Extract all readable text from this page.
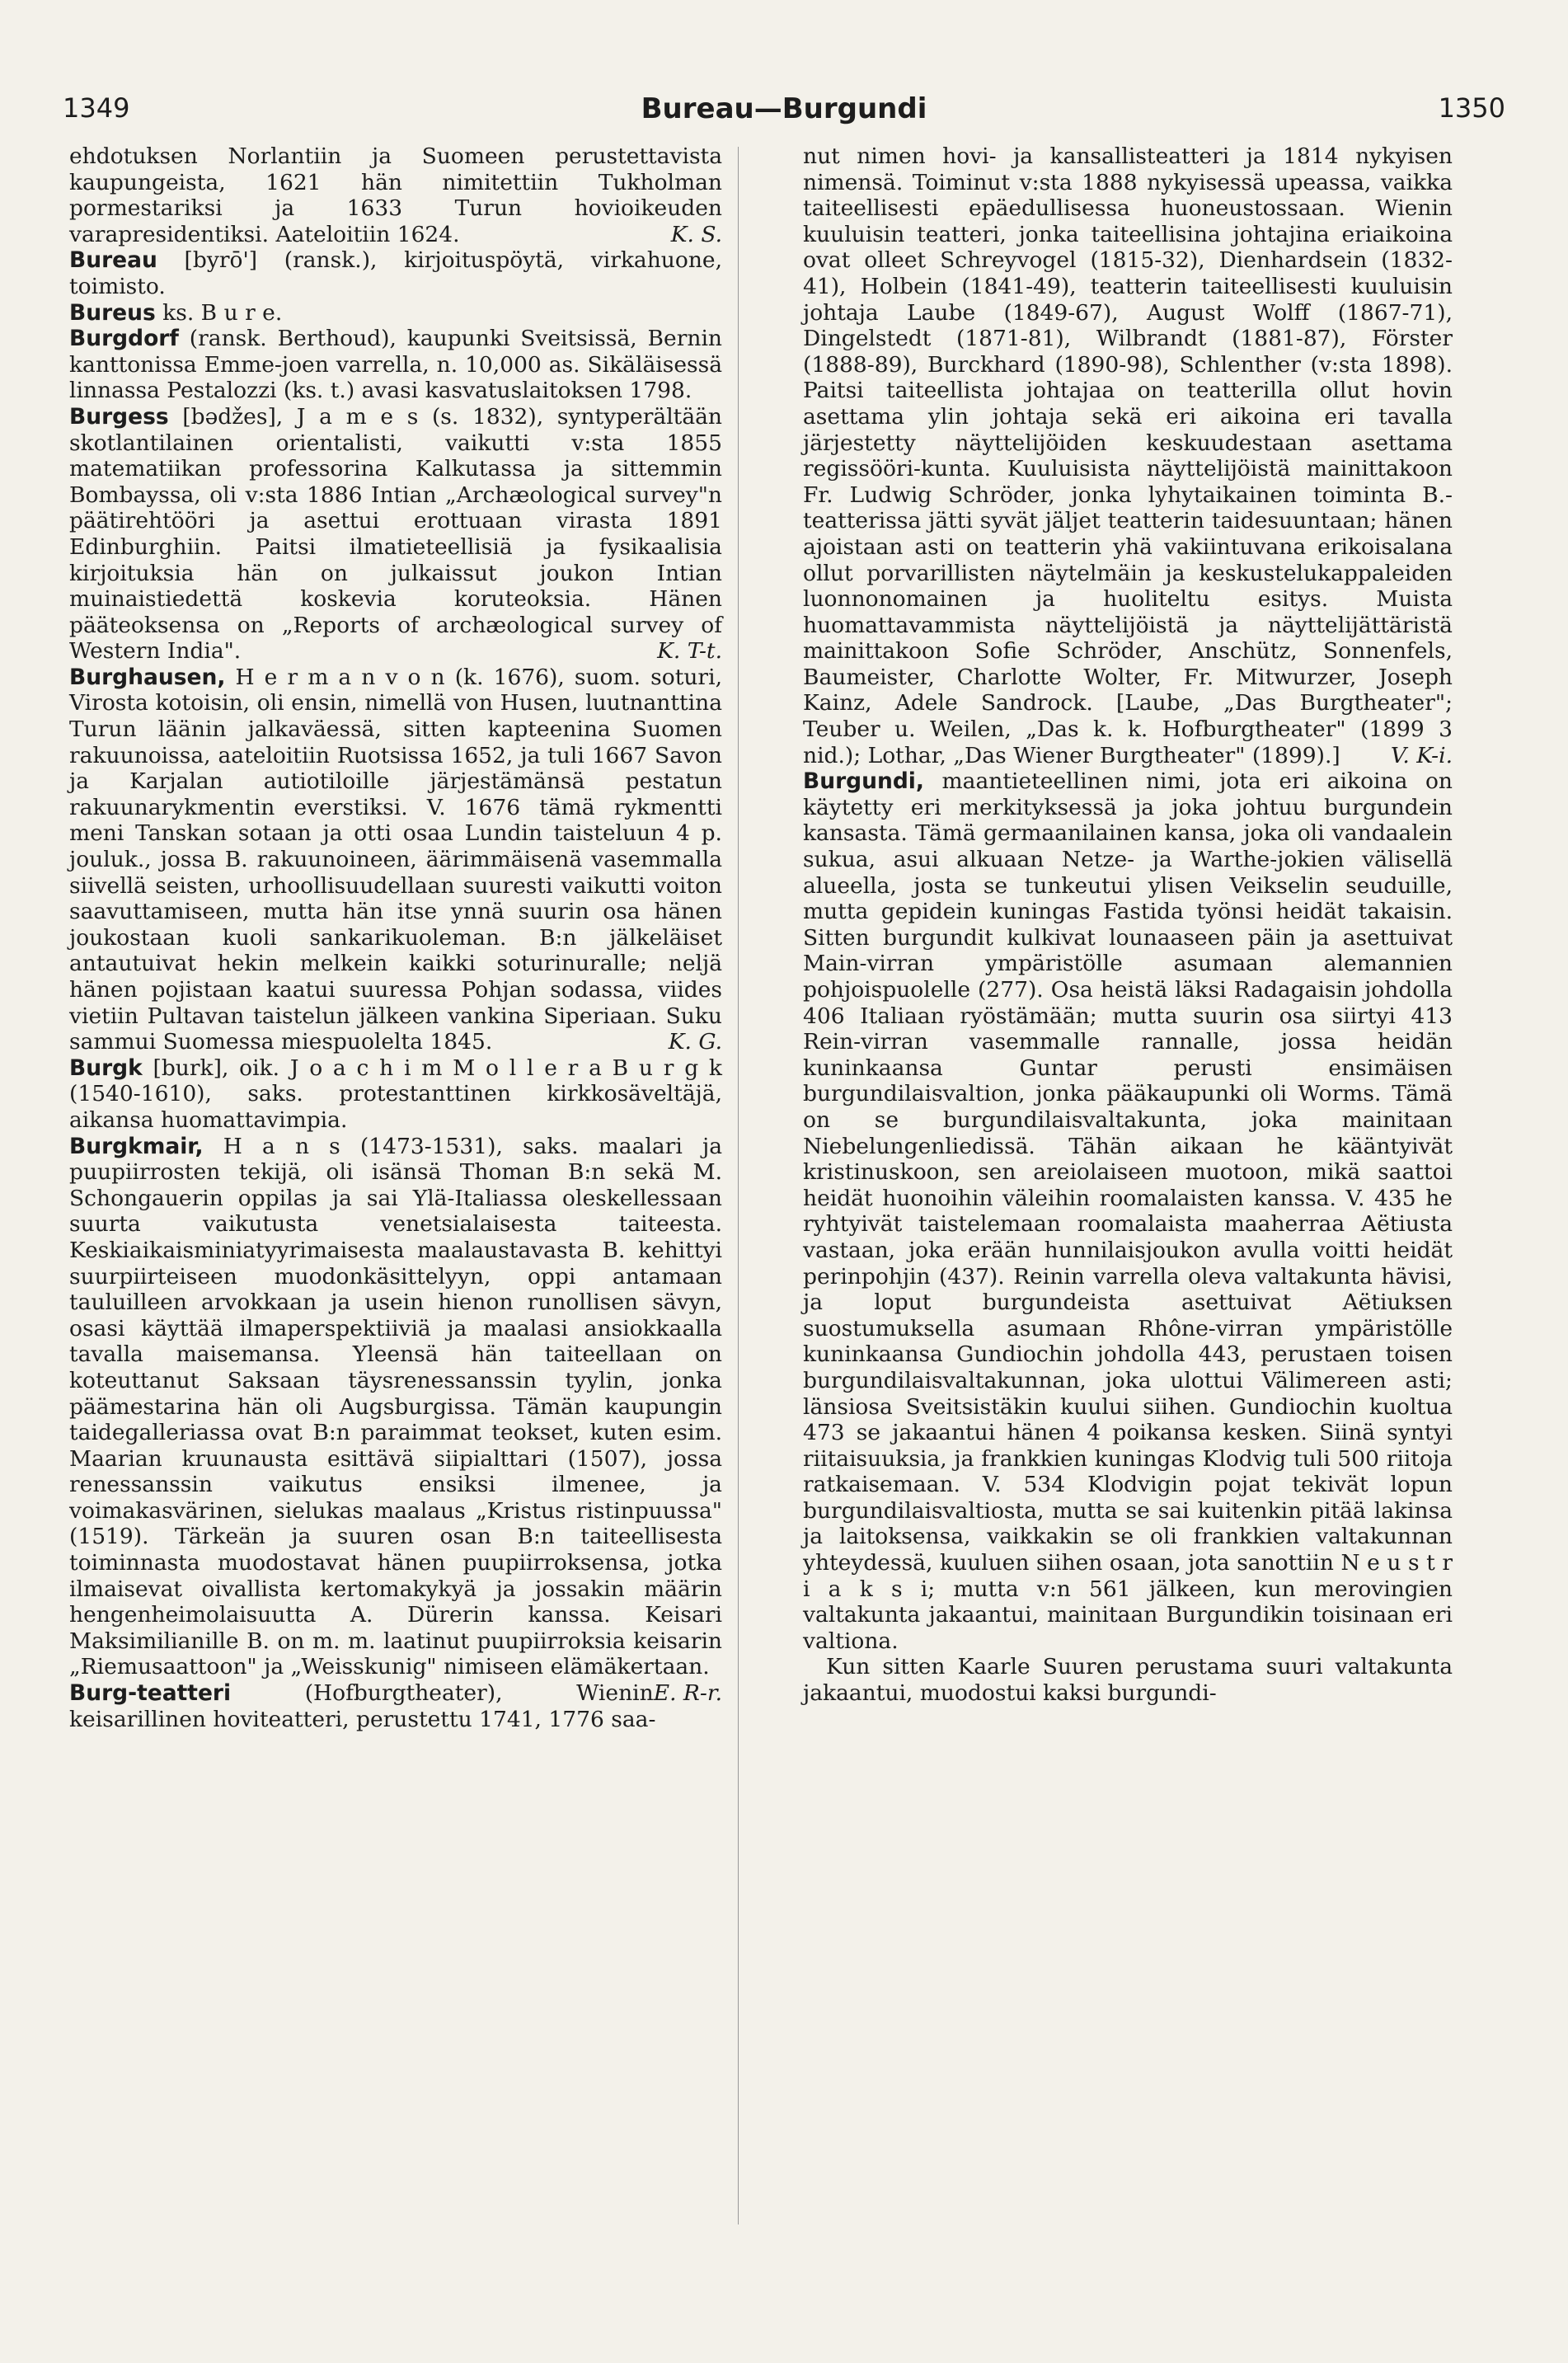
1349	Bureau—Burgundi	1350

ehdotuksen Norlantiin ja Suomeen perustettavista kaupungeista, 1621 hän nimitettiin Tukholman pormestariksi ja 1633 Turun hovioikeuden varapresidentiksi. Aateloitiin 1624.	K. S.

Bureau [byrō'] (ransk.), kirjoituspöytä, virkahuone, toimisto.

Bureus ks. B u r e.

Burgdorf (ransk. Berthoud), kaupunki Sveitsissä, Bernin kanttonissa Emme-joen varrella, n. 10,000 as. Sikäläisessä linnassa Pestalozzi (ks. t.) avasi kasvatuslaitoksen 1798.

Burgess [bədžes], J a m e s (s. 1832), syntyperältään skotlantilainen orientalisti, vaikutti v:sta 1855 matematiikan professorina Kalkutassa ja sittemmin Bombayssa, oli v:sta 1886 Intian „Archæological survey"n päätirehtööri ja asettui erottuaan virasta 1891 Edinburghiin. Paitsi ilmatieteellisiä ja fysikaalisia kirjoituksia hän on julkaissut joukon Intian muinaistiedettä koskevia koruteoksia. Hänen pääteoksensa on „Reports of archæological survey of Western India".	K. T-t.

Burghausen, H e r m a n v o n (k. 1676), suom. soturi, Virosta kotoisin, oli ensin, nimellä von Husen, luutnanttina Turun läänin jalkaväessä, sitten kapteenina Suomen rakuunoissa, aateloitiin Ruotsissa 1652, ja tuli 1667 Savon ja Karjalan autiotiloille järjestämänsä pestatun rakuunarykmentin everstiksi. V. 1676 tämä rykmentti meni Tanskan sotaan ja otti osaa Lundin taisteluun 4 p. jouluk., jossa B. rakuunoineen, äärimmäisenä vasemmalla siivellä seisten, urhoollisuudellaan suuresti vaikutti voiton saavuttamiseen, mutta hän itse ynnä suurin osa hänen joukostaan kuoli sankarikuoleman. B:n jälkeläiset antautuivat hekin melkein kaikki soturinuralle; neljä hänen pojistaan kaatui suuressa Pohjan sodassa, viides vietiin Pultavan taistelun jälkeen vankina Siperiaan. Suku sammui Suomessa miespuolelta 1845.	K. G.

Burgk [burk], oik. J o a c h i m M o l l e r a B u r g k (1540-1610), saks. protestanttinen kirkkosäveltäjä, aikansa huomattavimpia.

Burgkmair, H a n s (1473-1531), saks. maalari ja puupiirrosten tekijä, oli isänsä Thoman B:n sekä M. Schongauerin oppilas ja sai Ylä-Italiassa oleskellessaan suurta vaikutusta venetsialaisesta taiteesta. Keskiaikaisminiatyyrimaisesta maalaustavasta B. kehittyi suurpiirteiseen muodonkäsittelyyn, oppi antamaan tauluilleen arvokkaan ja usein hienon runollisen sävyn, osasi käyttää ilmaperspektiiviä ja maalasi ansiokkaalla tavalla maisemansa. Yleensä hän taiteellaan on koteuttanut Saksaan täysrenessanssin tyylin, jonka päämestarina hän oli Augsburgissa. Tämän kaupungin taidegalleriassa ovat B:n paraimmat teokset, kuten esim. Maarian kruunausta esittävä siipialttari (1507), jossa renessanssin vaikutus ensiksi ilmenee, ja voimakasvärinen, sielukas maalaus „Kristus ristinpuussa" (1519). Tärkeän ja suuren osan B:n taiteellisesta toiminnasta muodostavat hänen puupiirroksensa, jotka ilmaisevat oivallista kertomakykyä ja jossakin määrin hengenheimolaisuutta A. Dürerin kanssa. Keisari Maksimilianille B. on m. m. laatinut puupiirroksia keisarin „Riemusaattoon" ja „Weisskunig" nimiseen elämäkertaan.
E. R-r.

Burg-teatteri (Hofburgtheater), Wienin keisarillinen hoviteatteri, perustettu 1741, 1776 saa-

nut nimen hovi- ja kansallisteatteri ja 1814 nykyisen nimensä. Toiminut v:sta 1888 nykyisessä upeassa, vaikka taiteellisesti epäedullisessa huoneustossaan. Wienin kuuluisin teatteri, jonka taiteellisina johtajina eriaikoina ovat olleet Schreyvogel (1815-32), Dienhardsein (1832-41), Holbein (1841-49), teatterin taiteellisesti kuuluisin johtaja Laube (1849-67), August Wolff (1867-71), Dingelstedt (1871-81), Wilbrandt (1881-87), Förster (1888-89), Burckhard (1890-98), Schlenther (v:sta 1898). Paitsi taiteellista johtajaa on teatterilla ollut hovin asettama ylin johtaja sekä eri aikoina eri tavalla järjestetty näyttelijöiden keskuudestaan asettama regissööri-kunta. Kuuluisista näyttelijöistä mainittakoon Fr. Ludwig Schröder, jonka lyhytaikainen toiminta B.-teatterissa jätti syvät jäljet teatterin taidesuuntaan; hänen ajoistaan asti on teatterin yhä vakiintuvana erikoisalana ollut porvarillisten näytelmäin ja keskustelukappaleiden luonnonomainen ja huoliteltu esitys. Muista huomattavammista näyttelijöistä ja näyttelijättäristä mainittakoon Sofie Schröder, Anschütz, Sonnenfels, Baumeister, Charlotte Wolter, Fr. Mitwurzer, Joseph Kainz, Adele Sandrock. [Laube, „Das Burgtheater"; Teuber u. Weilen, „Das k. k. Hofburgtheater" (1899 3 nid.); Lothar, „Das Wiener Burgtheater" (1899).] V. K-i.

Burgundi, maantieteellinen nimi, jota eri aikoina on käytetty eri merkityksessä ja joka johtuu burgundein kansasta. Tämä germaanilainen kansa, joka oli vandaalein sukua, asui alkuaan Netze- ja Warthe-jokien välisellä alueella, josta se tunkeutui ylisen Veikselin seuduille, mutta gepidein kuningas Fastida työnsi heidät takaisin. Sitten burgundit kulkivat lounaaseen päin ja asettuivat Main-virran ympäristölle asumaan alemannien pohjoispuolelle (277). Osa heistä läksi Radagaisin johdolla 406 Italiaan ryöstämään; mutta suurin osa siirtyi 413 Rein-virran vasemmalle rannalle, jossa heidän kuninkaansa Guntar perusti ensimäisen burgundilaisvaltion, jonka pääkaupunki oli Worms. Tämä on se burgundilaisvaltakunta, joka mainitaan Niebelungenliedissä. Tähän aikaan he kääntyivät kristinuskoon, sen areiolaiseen muotoon, mikä saattoi heidät huonoihin väleihin roomalaisten kanssa. V. 435 he ryhtyivät taistelemaan roomalaista maaherraa Aëtiusta vastaan, joka erään hunnilaisjoukon avulla voitti heidät perinpohjin (437). Reinin varrella oleva valtakunta hävisi, ja loput burgundeista asettuivat Aëtiuksen suostumuksella asumaan Rhône-virran ympäristölle kuninkaansa Gundiochin johdolla 443, perustaen toisen burgundilaisvaltakunnan, joka ulottui Välimereen asti; länsiosa Sveitsistäkin kuului siihen. Gundiochin kuoltua 473 se jakaantui hänen 4 poikansa kesken. Siinä syntyi riitaisuuksia, ja frankkien kuningas Klodvig tuli 500 riitoja ratkaisemaan. V. 534 Klodvigin pojat tekivät lopun burgundilaisvaltiosta, mutta se sai kuitenkin pitää lakinsa ja laitoksensa, vaikkakin se oli frankkien valtakunnan yhteydessä, kuuluen siihen osaan, jota sanottiin N e u s t r i a k s i; mutta v:n 561 jälkeen, kun merovingien valtakunta jakaantui, mainitaan Burgundikin toisinaan eri valtiona.

Kun sitten Kaarle Suuren perustama suuri valtakunta jakaantui, muodostui kaksi burgundi-
